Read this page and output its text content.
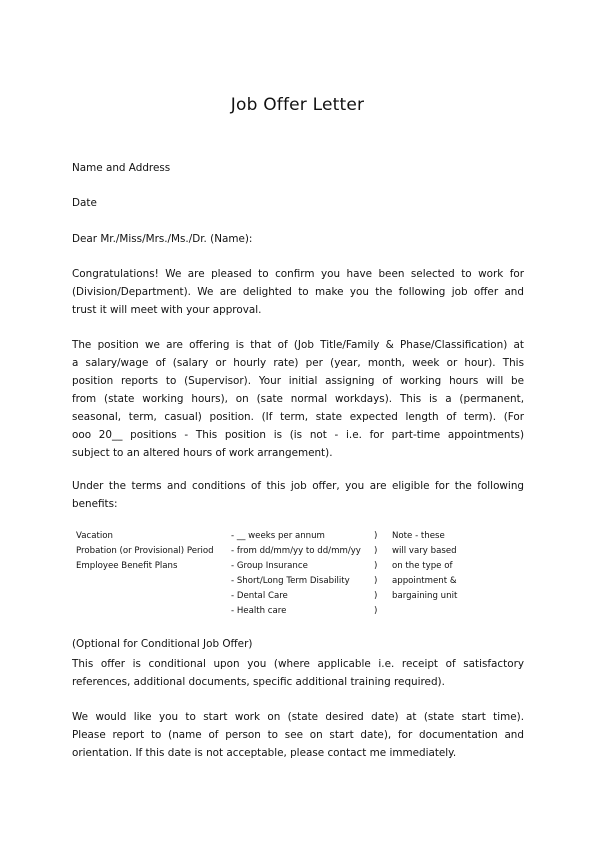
Job Offer Letter
Name and Address
Date
Dear Mr./Miss/Mrs./Ms./Dr. (Name):
Congratulations! We are pleased to confirm you have been selected to work for
(Division/Department). We are delighted to make you the following job offer and
trust it will meet with your approval.
The position we are offering is that of (Job Title/Family & Phase/Classification) at
a salary/wage of (salary or hourly rate) per (year, month, week or hour). This
position reports to (Supervisor). Your initial assigning of working hours will be
from (state working hours), on (sate normal workdays). This is a (permanent,
seasonal, term, casual) position. (If term, state expected length of term). (For
ooo 20__ positions - This position is (is not - i.e. for part-time appointments)
subject to an altered hours of work arrangement).
Under the terms and conditions of this job offer, you are eligible for the following
benefits:
Vacation
Probation (or Provisional) Period
Employee Benefit Plans
- __ weeks per annum
- from dd/mm/yy to dd/mm/yy
- Group Insurance
- Short/Long Term Disability
- Dental Care
- Health care
)
)
)
)
)
)
Note - these
will vary based
on the type of
appointment &
bargaining unit
(Optional for Conditional Job Offer)
This offer is conditional upon you (where applicable i.e. receipt of satisfactory
references, additional documents, specific additional training required).
We would like you to start work on (state desired date) at (state start time).
Please report to (name of person to see on start date), for documentation and
orientation. If this date is not acceptable, please contact me immediately.
